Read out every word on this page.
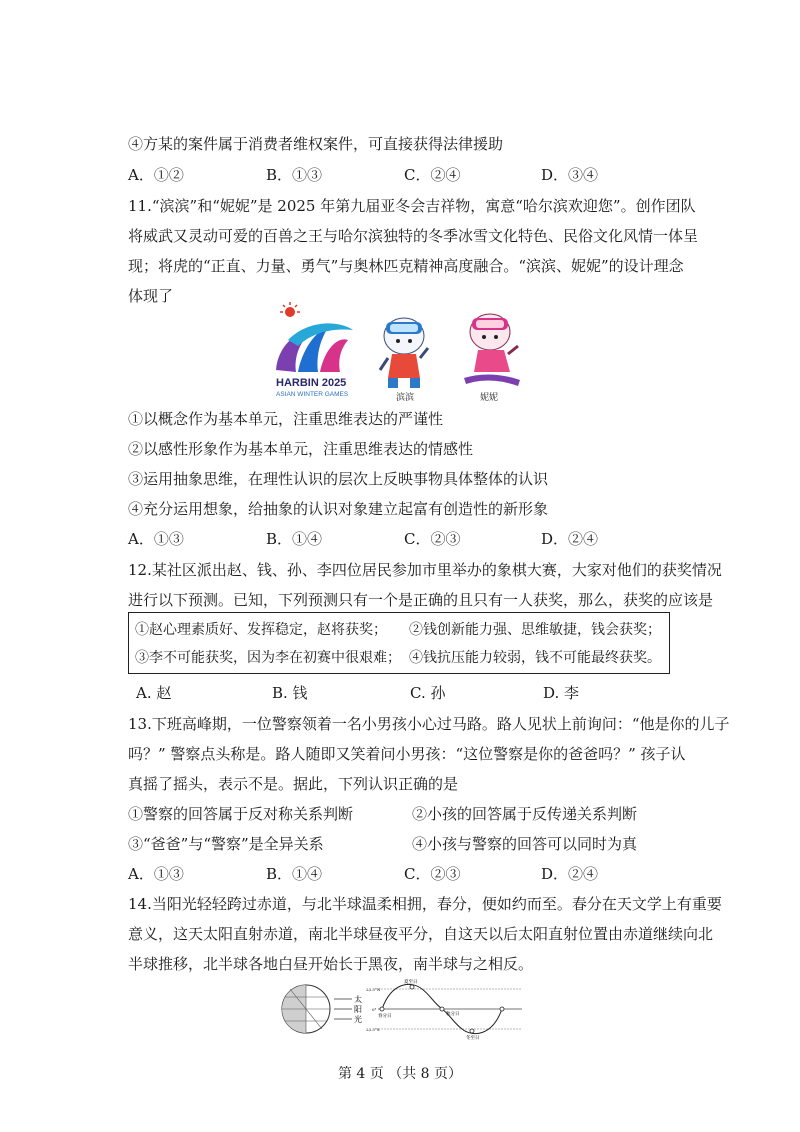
④方某的案件属于消费者维权案件，可直接获得法律援助
A．①②	B．①③	C．②④	D．③④
11.“滨滨”和“妮妮”是 2025 年第九届亚冬会吉祥物，寓意“哈尔滨欢迎您”。创作团队
将威武又灵动可爱的百兽之王与哈尔滨独特的冬季冰雪文化特色、民俗文化风情一体呈
现；将虎的“正直、力量、勇气”与奥林匹克精神高度融合。“滨滨、妮妮”的设计理念
体现了
HARBIN 2025
ASIAN WINTER GAMES	滨滨	妮妮
①以概念作为基本单元，注重思维表达的严谨性
②以感性形象作为基本单元，注重思维表达的情感性
③运用抽象思维，在理性认识的层次上反映事物具体整体的认识
④充分运用想象，给抽象的认识对象建立起富有创造性的新形象
A．①③	B．①④	C．②③	D．②④
12.某社区派出赵、钱、孙、李四位居民参加市里举办的象棋大赛，大家对他们的获奖情况
进行以下预测。已知，下列预测只有一个是正确的且只有一人获奖，那么，获奖的应该是
①赵心理素质好、发挥稳定，赵将获奖； ②钱创新能力强、思维敏捷，钱会获奖；
③李不可能获奖，因为李在初赛中很艰难； ④钱抗压能力较弱，钱不可能最终获奖。
A. 赵	B. 钱	C. 孙	D. 李
13.下班高峰期，一位警察领着一名小男孩小心过马路。路人见状上前询问：“他是你的儿子
吗？” 警察点头称是。路人随即又笑着问小男孩：“这位警察是你的爸爸吗？” 孩子认
真摇了摇头，表示不是。据此，下列认识正确的是
①警察的回答属于反对称关系判断	②小孩的回答属于反传递关系判断
③“爸爸”与“警察”是全异关系	④小孩与警察的回答可以同时为真
A．①③	B．①④	C．②③	D．②④
14.当阳光轻轻跨过赤道，与北半球温柔相拥，春分，便如约而至。春分在天文学上有重要
意义，这天太阳直射赤道，南北半球昼夜平分，自这天以后太阳直射位置由赤道继续向北
半球推移，北半球各地白昼开始长于黑夜，南半球与之相反。
太
阳
光
23.5°N
0°
23.5°S
夏至日
春分日	秋分日
冬至日
第 4 页 （共 8 页）
